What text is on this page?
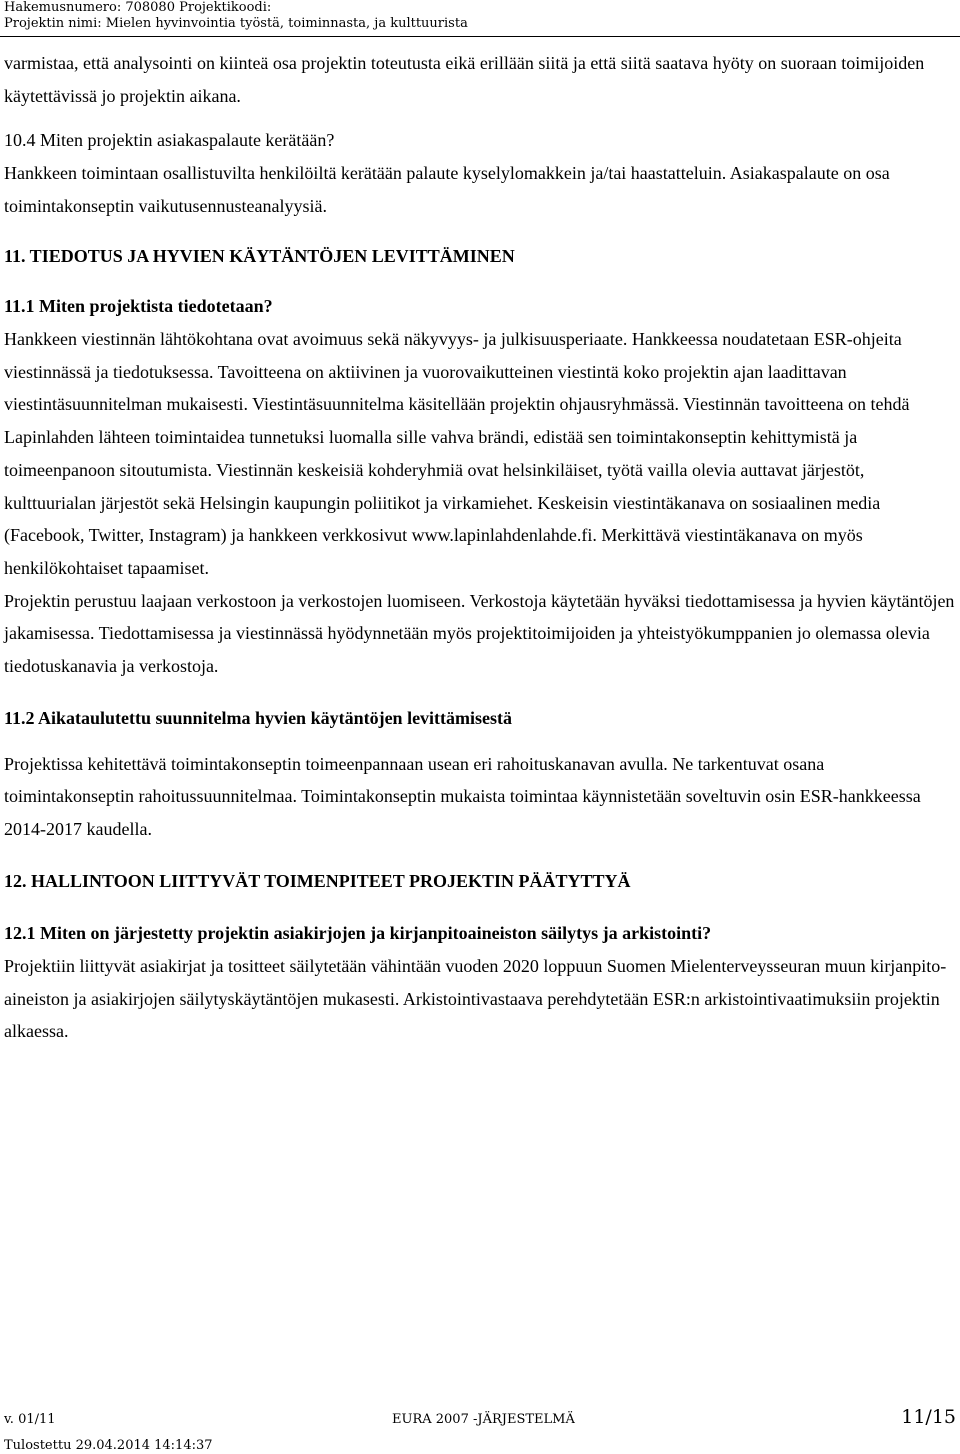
Hakemusnumero: 708080 Projektikoodi:
Projektin nimi: Mielen hyvinvointia työstä, toiminnasta, ja kulttuurista

varmistaa, että analysointi on kiinteä osa projektin toteutusta eikä erillään siitä ja että siitä saatava hyöty on suoraan toimijoiden käytettävissä jo projektin aikana.

10.4 Miten projektin asiakaspalaute kerätään?

Hankkeen toimintaan osallistuvilta henkilöiltä kerätään palaute kyselylomakkein ja/tai haastatteluin. Asiakaspalaute on osa toimintakonseptin vaikutusennusteanalyysiä.

11. TIEDOTUS JA HYVIEN KÄYTÄNTÖJEN LEVITTÄMINEN

11.1 Miten projektista tiedotetaan?

Hankkeen viestinnän lähtökohtana ovat avoimuus sekä näkyvyys- ja julkisuusperiaate. Hankkeessa noudatetaan ESR-ohjeita viestinnässä ja tiedotuksessa. Tavoitteena on aktiivinen ja vuorovaikutteinen viestintä koko projektin ajan laadittavan viestintäsuunnitelman mukaisesti. Viestintäsuunnitelma käsitellään projektin ohjausryhmässä. Viestinnän tavoitteena on tehdä Lapinlahden lähteen toimintaidea tunnetuksi luomalla sille vahva brändi, edistää sen toimintakonseptin kehittymistä ja toimeenpanoon sitoutumista. Viestinnän keskeisiä kohderyhmiä ovat helsinkiläiset, työtä vailla olevia auttavat järjestöt, kulttuurialan järjestöt sekä Helsingin kaupungin poliitikot ja virkamiehet. Keskeisin viestintäkanava on sosiaalinen media (Facebook, Twitter, Instagram) ja hankkeen verkkosivut www.lapinlahdenlahde.fi. Merkittävä viestintäkanava on myös henkilökohtaiset tapaamiset.

Projektin perustuu laajaan verkostoon ja verkostojen luomiseen. Verkostoja käytetään hyväksi tiedottamisessa ja hyvien käytäntöjen jakamisessa. Tiedottamisessa ja viestinnässä hyödynnetään myös projektitoimijoiden ja yhteistyökumppanien jo olemassa olevia tiedotuskanavia ja verkostoja.

11.2 Aikataulutettu suunnitelma hyvien käytäntöjen levittämisestä

Projektissa kehitettävä toimintakonseptin toimeenpannaan usean eri rahoituskanavan avulla. Ne tarkentuvat osana toimintakonseptin rahoitussuunnitelmaa. Toimintakonseptin mukaista toimintaa käynnistetään soveltuvin osin ESR-hankkeessa 2014-2017 kaudella.

12. HALLINTOON LIITTYVÄT TOIMENPITEET PROJEKTIN PÄÄTYTTYÄ

12.1 Miten on järjestetty projektin asiakirjojen ja kirjanpitoaineiston säilytys ja arkistointi?

Projektiin liittyvät asiakirjat ja tositteet säilytetään vähintään vuoden 2020 loppuun Suomen Mielenterveysseuran muun kirjanpito-aineiston ja asiakirjojen säilytyskäytäntöjen mukasesti. Arkistointivastaava perehdytetään ESR:n arkistointivaatimuksiin projektin alkaessa.

v. 01/11	EURA 2007 -JÄRJESTELMÄ	11/15
Tulostettu 29.04.2014 14:14:37
